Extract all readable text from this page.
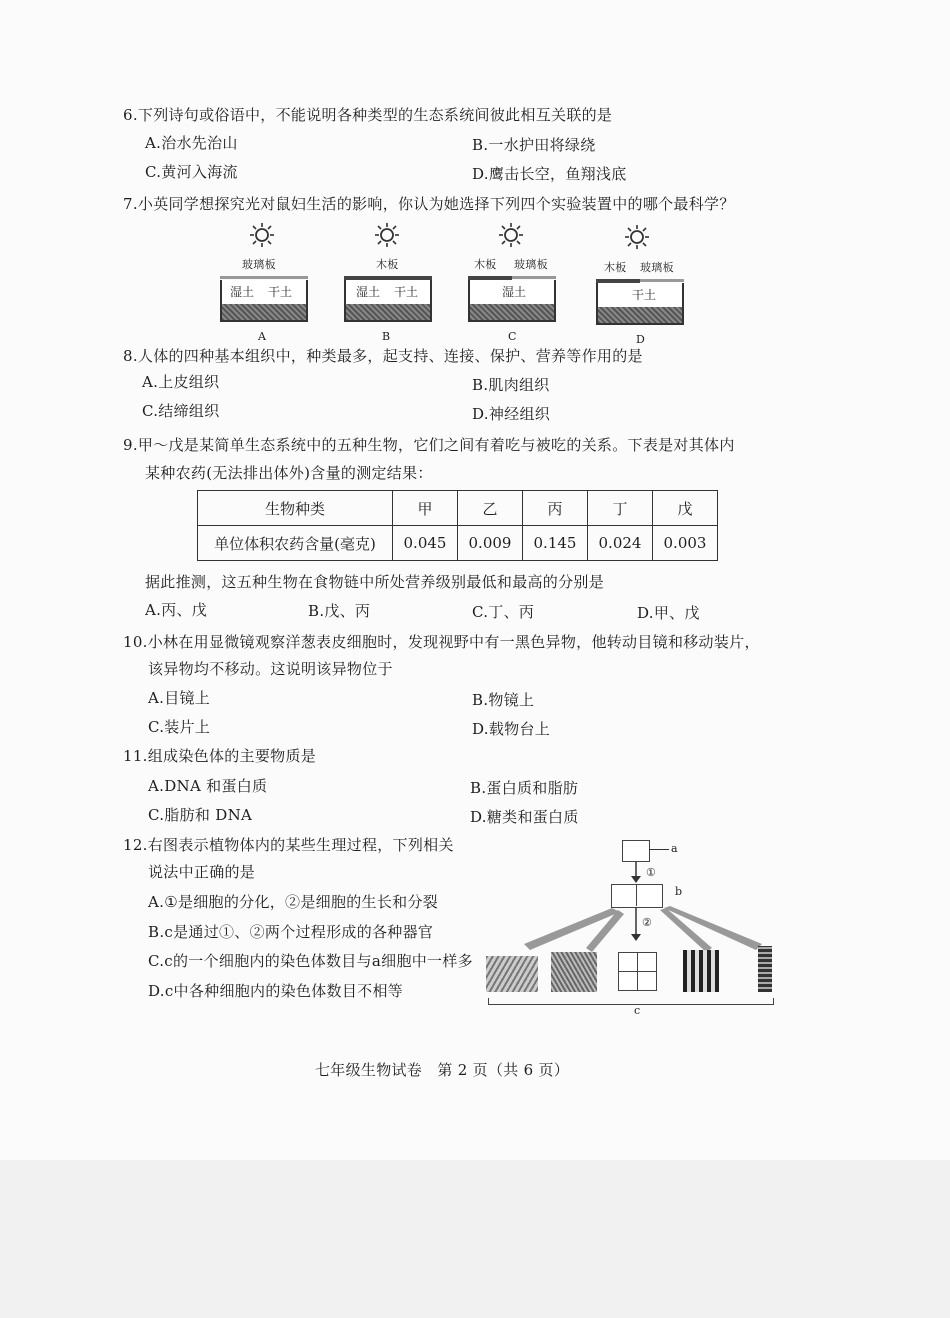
6.下列诗句或俗语中，不能说明各种类型的生态系统间彼此相互关联的是
A.治水先治山	B.一水护田将绿绕
C.黄河入海流	D.鹰击长空，鱼翔浅底
7.小英同学想探究光对鼠妇生活的影响，你认为她选择下列四个实验装置中的哪个最科学？
玻璃板
湿土 干土
A
木板
湿土 干土
B
木板 玻璃板
湿土
C
木板 玻璃板
干土
D
8.人体的四种基本组织中，种类最多，起支持、连接、保护、营养等作用的是
A.上皮组织	B.肌肉组织
C.结缔组织	D.神经组织
9.甲～戊是某简单生态系统中的五种生物，它们之间有着吃与被吃的关系。下表是对其体内
某种农药(无法排出体外)含量的测定结果：
生物种类	甲	乙	丙	丁	戊
单位体积农药含量(毫克)	0.045	0.009	0.145	0.024	0.003
据此推测，这五种生物在食物链中所处营养级别最低和最高的分别是
A.丙、戊	B.戊、丙	C.丁、丙	D.甲、戊
10.小林在用显微镜观察洋葱表皮细胞时，发现视野中有一黑色异物，他转动目镜和移动装片，
该异物均不移动。这说明该异物位于
A.目镜上	B.物镜上
C.装片上	D.载物台上
11.组成染色体的主要物质是
A.DNA 和蛋白质	B.蛋白质和脂肪
C.脂肪和 DNA	D.糖类和蛋白质
12.右图表示植物体内的某些生理过程，下列相关
说法中正确的是
A.①是细胞的分化，②是细胞的生长和分裂
B.c是通过①、②两个过程形成的各种器官
C.c的一个细胞内的染色体数目与a细胞中一样多
D.c中各种细胞内的染色体数目不相等
a
①
b
②
c
七年级生物试卷　第 2 页（共 6 页）
